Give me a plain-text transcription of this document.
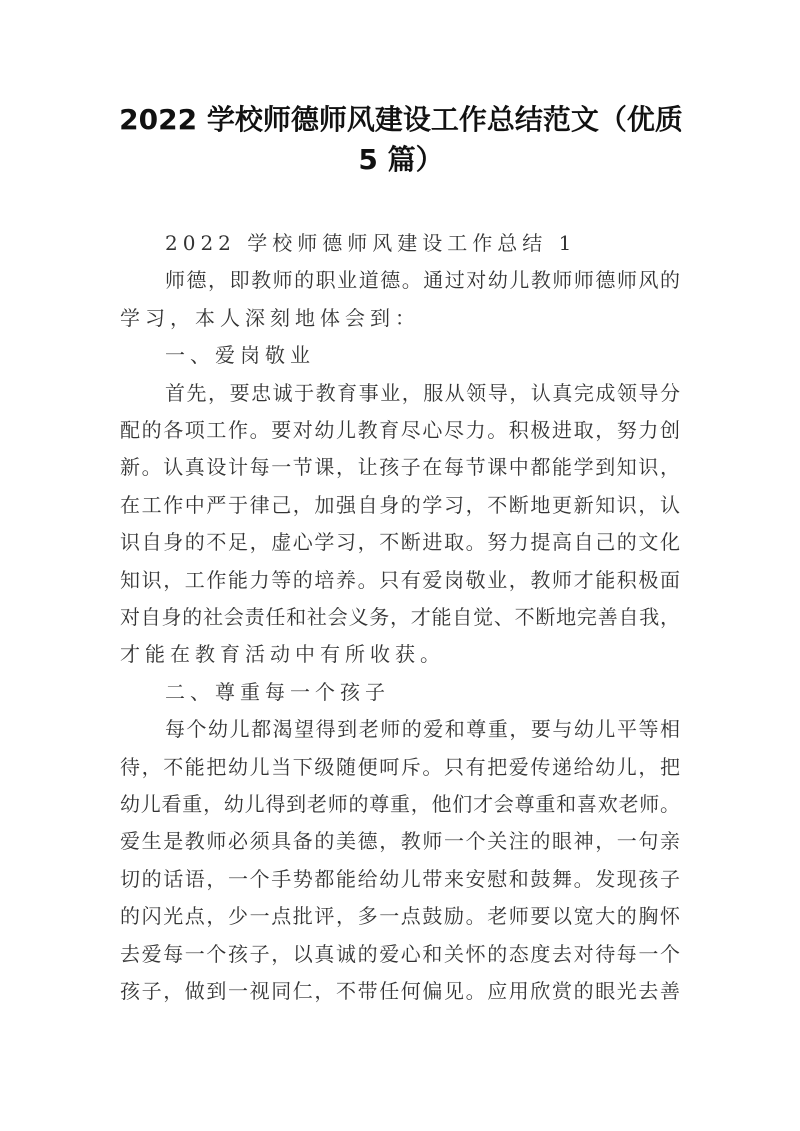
2022 学校师德师风建设工作总结范文（优质
5 篇）
2022 学校师德师风建设工作总结 1
师德，即教师的职业道德。通过对幼儿教师师德师风的
学习，本人深刻地体会到：
一、爱岗敬业
首先，要忠诚于教育事业，服从领导，认真完成领导分
配的各项工作。要对幼儿教育尽心尽力。积极进取，努力创
新。认真设计每一节课，让孩子在每节课中都能学到知识，
在工作中严于律己，加强自身的学习，不断地更新知识，认
识自身的不足，虚心学习，不断进取。努力提高自己的文化
知识，工作能力等的培养。只有爱岗敬业，教师才能积极面
对自身的社会责任和社会义务，才能自觉、不断地完善自我，
才能在教育活动中有所收获。
二、尊重每一个孩子
每个幼儿都渴望得到老师的爱和尊重，要与幼儿平等相
待，不能把幼儿当下级随便呵斥。只有把爱传递给幼儿，把
幼儿看重，幼儿得到老师的尊重，他们才会尊重和喜欢老师。
爱生是教师必须具备的美德，教师一个关注的眼神，一句亲
切的话语，一个手势都能给幼儿带来安慰和鼓舞。发现孩子
的闪光点，少一点批评，多一点鼓励。老师要以宽大的胸怀
去爱每一个孩子，以真诚的爱心和关怀的态度去对待每一个
孩子，做到一视同仁，不带任何偏见。应用欣赏的眼光去善
